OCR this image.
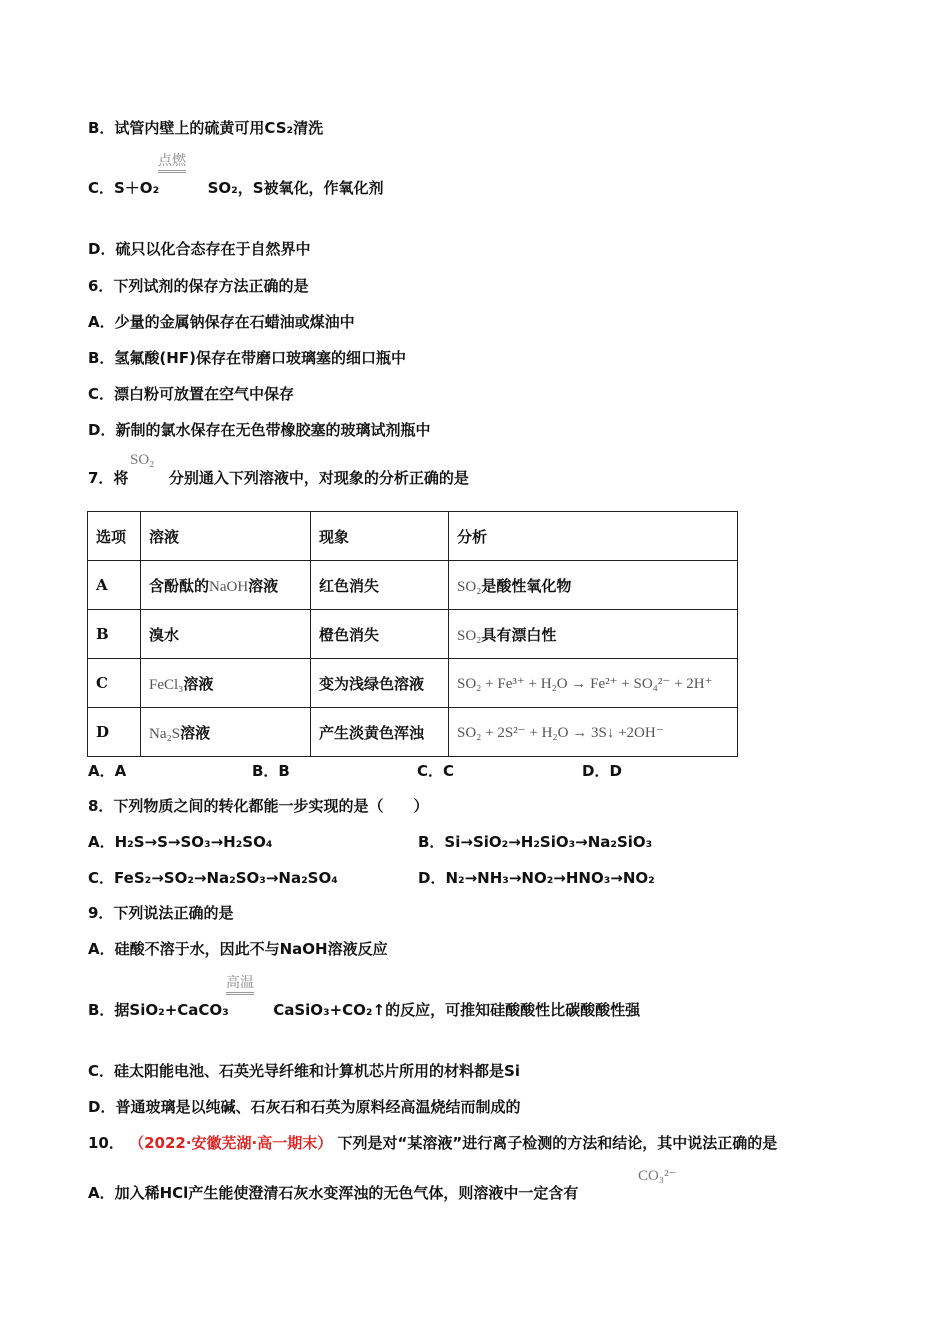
B．试管内壁上的硫黄可用CS₂清洗
点燃
C．S＋O₂	SO₂，S被氧化，作氧化剂
D．硫只以化合态存在于自然界中
6．下列试剂的保存方法正确的是
A．少量的金属钠保存在石蜡油或煤油中
B．氢氟酸(HF)保存在带磨口玻璃塞的细口瓶中
C．漂白粉可放置在空气中保存
D．新制的氯水保存在无色带橡胶塞的玻璃试剂瓶中
SO₂
7．将	分别通入下列溶液中，对现象的分析正确的是
选项	溶液	现象	分析
A	含酚酞的NaOH溶液	红色消失	SO₂是酸性氧化物
B	溴水	橙色消失	SO₂具有漂白性
C	FeCl₃溶液	变为浅绿色溶液	SO₂ + Fe³⁺ + H₂O → Fe²⁺ + SO₄²⁻ + 2H⁺
D	Na₂S溶液	产生淡黄色浑浊	SO₂ + 2S²⁻ + H₂O → 3S↓ +2OH⁻
A．A	B．B	C．C	D．D
8．下列物质之间的转化都能一步实现的是（　　）
A．H₂S→S→SO₃→H₂SO₄	B．Si→SiO₂→H₂SiO₃→Na₂SiO₃
C．FeS₂→SO₂→Na₂SO₃→Na₂SO₄	D．N₂→NH₃→NO₂→HNO₃→NO₂
9．下列说法正确的是
A．硅酸不溶于水，因此不与NaOH溶液反应
高温
B．据SiO₂+CaCO₃	CaSiO₃+CO₂↑的反应，可推知硅酸酸性比碳酸酸性强
C．硅太阳能电池、石英光导纤维和计算机芯片所用的材料都是Si
D．普通玻璃是以纯碱、石灰石和石英为原料经高温烧结而制成的
10． （2022·安徽芜湖·高一期末） 下列是对“某溶液”进行离子检测的方法和结论，其中说法正确的是
CO₃²⁻
A．加入稀HCl产生能使澄清石灰水变浑浊的无色气体，则溶液中一定含有
